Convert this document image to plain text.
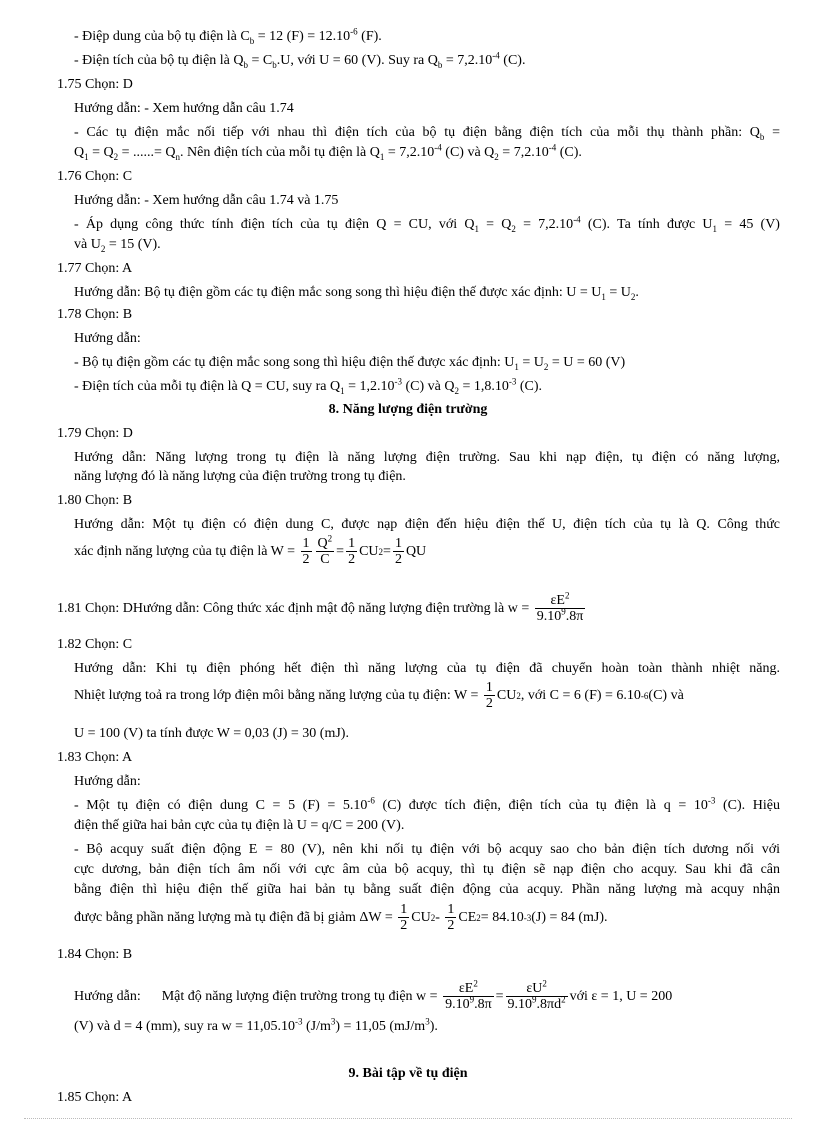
- Điệp dung của bộ tụ điện là $C_b = 12$ $(F) = 12.10^{-6}$ (F).
- Điện tích của bộ tụ điện là $Q_b = C_b.U$, với U = 60 (V). Suy ra $Q_b = 7,2.10^{-4}$ (C).
1.75 Chọn: D
Hướng dẫn: - Xem hướng dẫn câu 1.74
- Các tụ điện mắc nối tiếp với nhau thì điện tích của bộ tụ điện bằng điện tích của mỗi thụ thành phần: $Q_b$ =
$Q_1 = Q_2$ = ......= $Q_n$. Nên điện tích của mỗi tụ điện là $Q_1 = 7,2.10^{-4}$ (C) và $Q_2 = 7,2.10^{-4}$ (C).
1.76 Chọn: C
Hướng dẫn: - Xem hướng dẫn câu 1.74 và 1.75
- Áp dụng công thức tính điện tích của tụ điện Q = CU, với $Q_1 = Q_2 = 7,2.10^{-4}$ (C). Ta tính được $U_1 = 45$ (V)
và $U_2 = 15$ (V).
1.77 Chọn: A
Hướng dẫn: Bộ tụ điện gồm các tụ điện mắc song song thì hiệu điện thế được xác định: $U = U_1 = U_2$.
1.78 Chọn: B
Hướng dẫn:
- Bộ tụ điện gồm các tụ điện mắc song song thì hiệu điện thế được xác định: $U_1 = U_2 = U = 60$ (V)
- Điện tích của mỗi tụ điện là Q = CU, suy ra $Q_1 = 1,2.10^{-3}$ (C) và $Q_2 = 1,8.10^{-3}$ (C).
8. Năng lượng điện trường
1.79 Chọn: D
Hướng dẫn: Năng lượng trong tụ điện là năng lượng điện trường. Sau khi nạp điện, tụ điện có năng lượng,
năng lượng đó là năng lượng của điện trường trong tụ điện.
1.80 Chọn: B
Hướng dẫn: Một tụ điện có điện dung C, được nạp điện đến hiệu điện thế U, điện tích của tụ là Q. Công thức
xác định năng lượng của tụ điện là W =
$\frac{1}{2} \frac{Q^2}{C} = \frac{1}{2}$ CU $2 = \frac{1}{2}$ QU
1.81 Chọn: DHướng dẫn: Công thức xác định mật độ năng lượng điện trường là w =
$\frac{\varepsilon E^2}{9.10^9.8\pi}$
1.82 Chọn: C
Hướng dẫn: Khi tụ điện phóng hết điện thì năng lượng của tụ điện đã chuyển hoàn toàn thành nhiệt năng.
Nhiệt lượng toả ra trong lớp điện môi bằng năng lượng của tụ điện: W =
$\frac{1}{2}$ CU 2 , với C = 6 (F) = 6.10 -6 (C) và
U = 100 (V) ta tính được W = 0,03 (J) = 30 (mJ).
1.83 Chọn: A
Hướng dẫn:
- Một tụ điện có điện dung C = 5 $(F) = 5.10^{-6}$ (C) được tích điện, điện tích của tụ điện là $q = 10^{-3}$ (C). Hiệu
điện thế giữa hai bản cực của tụ điện là U = q/C = 200 (V).
- Bộ acquy suất điện động E = 80 (V), nên khi nối tụ điện với bộ acquy sao cho bản điện tích dương nối với
cực dương, bản điện tích âm nối với cực âm của bộ acquy, thì tụ điện sẽ nạp điện cho acquy. Sau khi đã cân
bằng điện thì hiệu điện thế giữa hai bản tụ bằng suất điện động của acquy. Phần năng lượng mà acquy nhận
được bằng phần năng lượng mà tụ điện đã bị giảm ΔW =
$\frac{1}{2}$ CU 2 -
$\frac{1}{2}$ CE 2 = 84.10 -3 (J) = 84 (mJ).
1.84 Chọn: B
Hướng dẫn:      Mật độ năng lượng điện trường trong tụ điện w =
$\frac{\varepsilon E^2}{9.10^9.8\pi} = \frac{\varepsilon U^2}{9.10^9.8\pi d^2}$ với ε = 1, U = 200
(V) và d = 4 (mm), suy ra $w = 11,05.10^{-3}$ $(J/m^3) = 11,05$ $(mJ/m^3)$.
9. Bài tập về tụ điện
1.85 Chọn: A
